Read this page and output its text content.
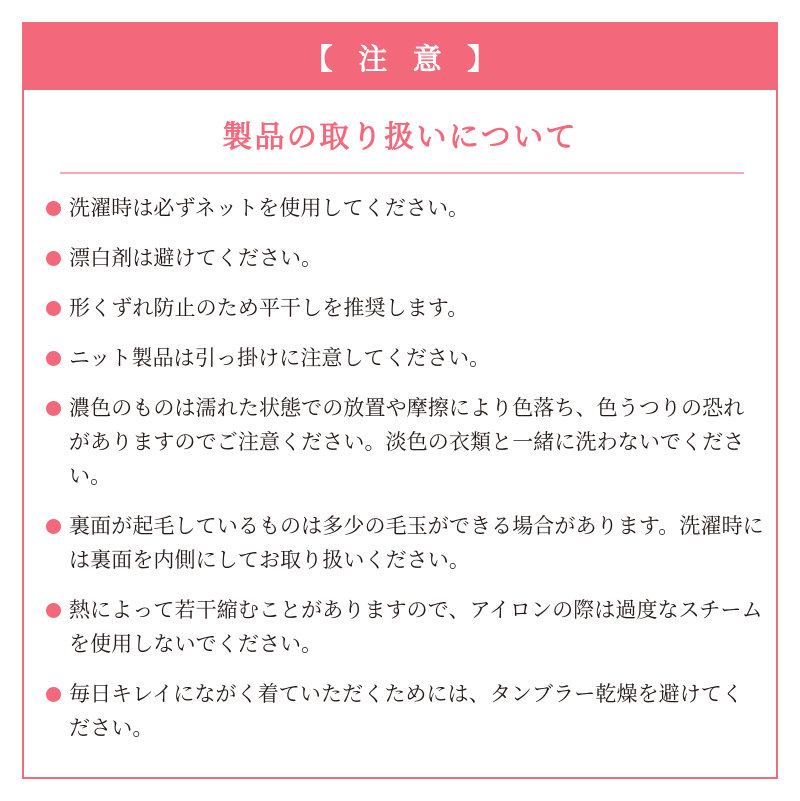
【 注 意 】
製品の取り扱いについて
洗濯時は必ずネットを使用してください。
漂白剤は避けてください。
形くずれ防止のため平干しを推奨します。
ニット製品は引っ掛けに注意してください。
濃色のものは濡れた状態での放置や摩擦により色落ち、色うつりの恐れがありますのでご注意ください。淡色の衣類と一緒に洗わないでください。
裏面が起毛しているものは多少の毛玉ができる場合があります。洗濯時には裏面を内側にしてお取り扱いください。
熱によって若干縮むことがありますので、アイロンの際は過度なスチームを使用しないでください。
毎日キレイにながく着ていただくためには、タンブラー乾燥を避けてください。
